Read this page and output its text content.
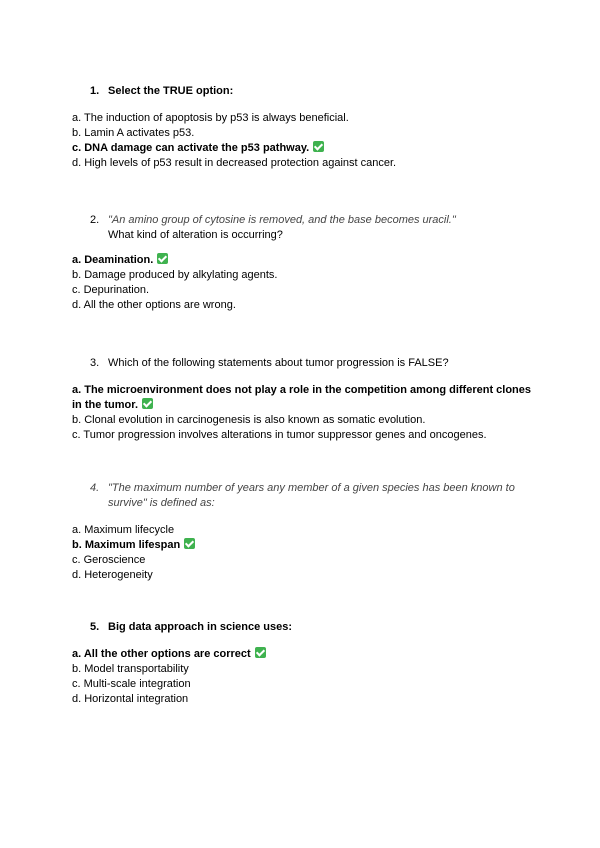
1. Select the TRUE option:
a. The induction of apoptosis by p53 is always beneficial.
b. Lamin A activates p53.
c. DNA damage can activate the p53 pathway.
d. High levels of p53 result in decreased protection against cancer.
2. "An amino group of cytosine is removed, and the base becomes uracil."
What kind of alteration is occurring?
a. Deamination.
b. Damage produced by alkylating agents.
c. Depurination.
d. All the other options are wrong.
3. Which of the following statements about tumor progression is FALSE?
a. The microenvironment does not play a role in the competition among different clones in the tumor.
b. Clonal evolution in carcinogenesis is also known as somatic evolution.
c. Tumor progression involves alterations in tumor suppressor genes and oncogenes.
4. "The maximum number of years any member of a given species has been known to survive" is defined as:
a. Maximum lifecycle
b. Maximum lifespan
c. Geroscience
d. Heterogeneity
5. Big data approach in science uses:
a. All the other options are correct
b. Model transportability
c. Multi-scale integration
d. Horizontal integration
